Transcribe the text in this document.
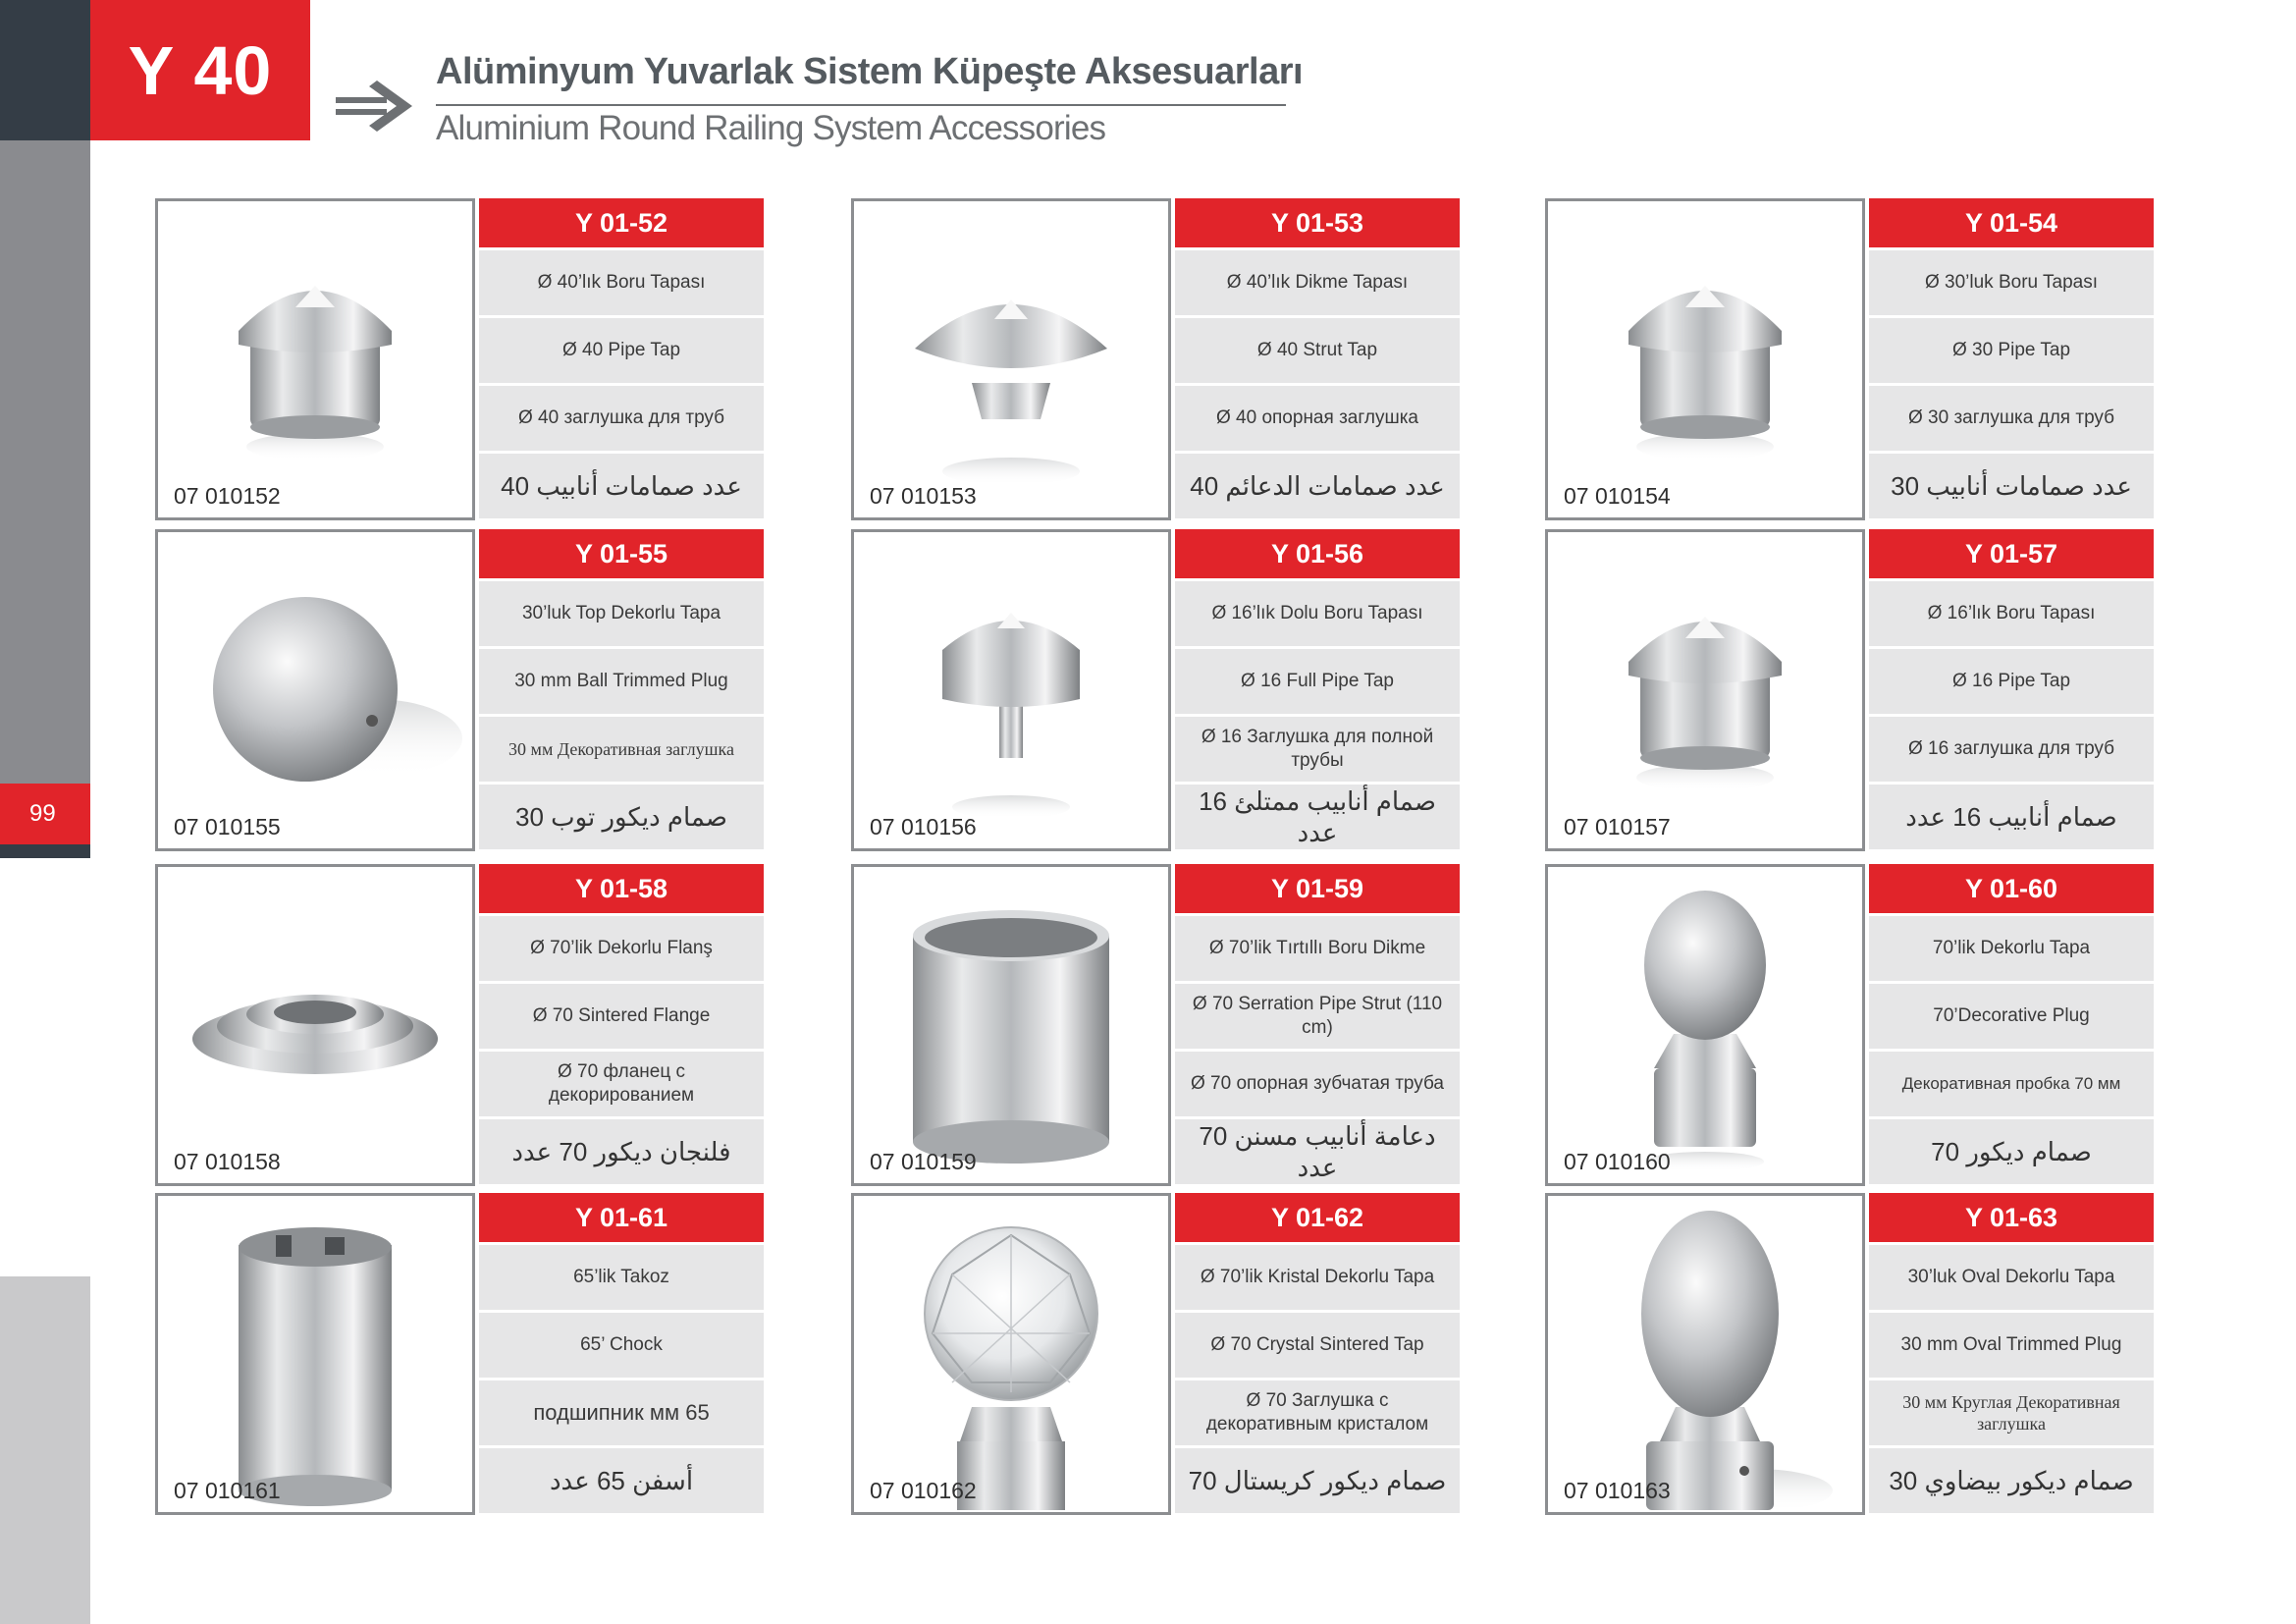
99
Y 40	Alüminyum Yuvarlak Sistem Küpeşte Aksesuarları
Aluminium Round Railing System Accessories
07 010152
Y 01-52
Ø 40’lık Boru Tapası
Ø 40 Pipe Tap
Ø 40 заглушка для труб
عدد صمامات أنابيب 40	07 010153
Y 01-53
Ø 40’lık Dikme Tapası
Ø 40 Strut Tap
Ø 40 опорная заглушка
عدد صمامات الدعائم 40	07 010154
Y 01-54
Ø 30’luk Boru Tapası
Ø 30 Pipe Tap
Ø 30 заглушка для труб
عدد صمامات أنابيب 30
07 010155
Y 01-55
30’luk Top Dekorlu Tapa
30 mm Ball Trimmed Plug
30 мм Декоративная заглушка
صمام ديكور توب 30	07 010156
Y 01-56
Ø 16’lık Dolu Boru Tapası
Ø 16 Full Pipe Tap
Ø 16 Заглушка для полной трубы
صمام أنابيب ممتلئ 16 عدد	07 010157
Y 01-57
Ø 16’lık Boru Tapası
Ø 16 Pipe Tap
Ø 16 заглушка для труб
صمام أنابيب 16 عدد
07 010158
Y 01-58
Ø 70’lik Dekorlu Flanş
Ø 70 Sintered Flange
Ø 70 фланец с декорированием
فلنجان ديكور 70 عدد	07 010159
Y 01-59
Ø 70’lik Tırtıllı Boru Dikme
Ø 70 Serration Pipe Strut (110 cm)
Ø 70 опорная зубчатая труба
دعامة أنابيب مسنن 70 عدد	07 010160
Y 01-60
70’lik Dekorlu Tapa
70’Decorative Plug
Декоративная пробка 70 мм
صمام ديكور 70
07 010161
Y 01-61
65’lik Takoz
65’ Chock
подшипник мм 65
أسفن 65 عدد	07 010162
Y 01-62
Ø 70’lik Kristal Dekorlu Tapa
Ø 70 Crystal Sintered Tap
Ø 70 Заглушка с декоративным кристалом
صمام ديكور كريستال 70	07 010163
Y 01-63
30’luk Oval Dekorlu Tapa
30 mm Oval Trimmed Plug
30 мм Круглая Декоративная заглушка
صمام ديكور بيضاوي 30
